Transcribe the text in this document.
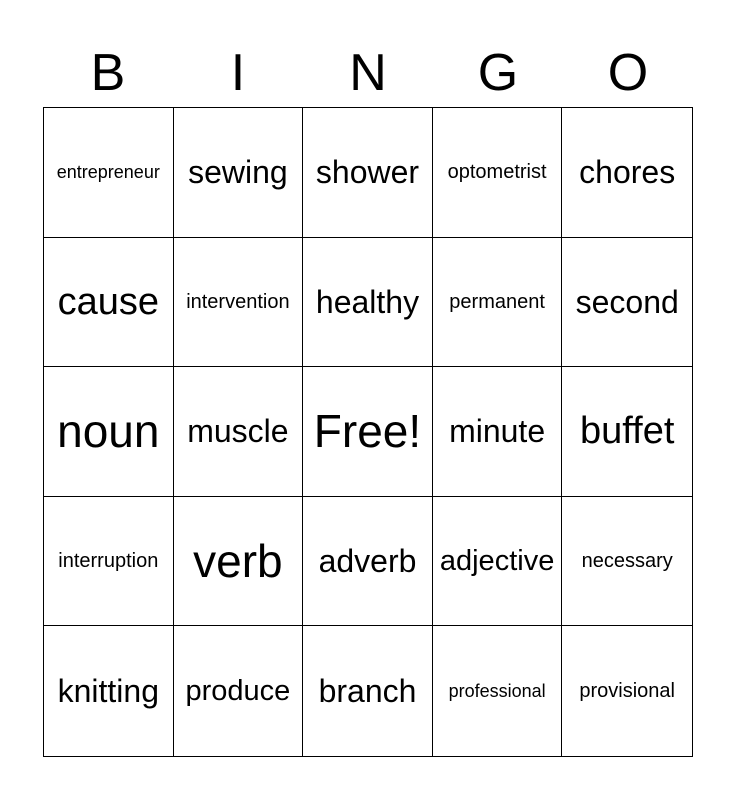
B	I	N	G	O
entrepreneur sewing shower optometrist chores
cause intervention healthy permanent second
noun muscle Free! minute buffet
interruption verb adverb adjective necessary
knitting produce branch professional provisional
